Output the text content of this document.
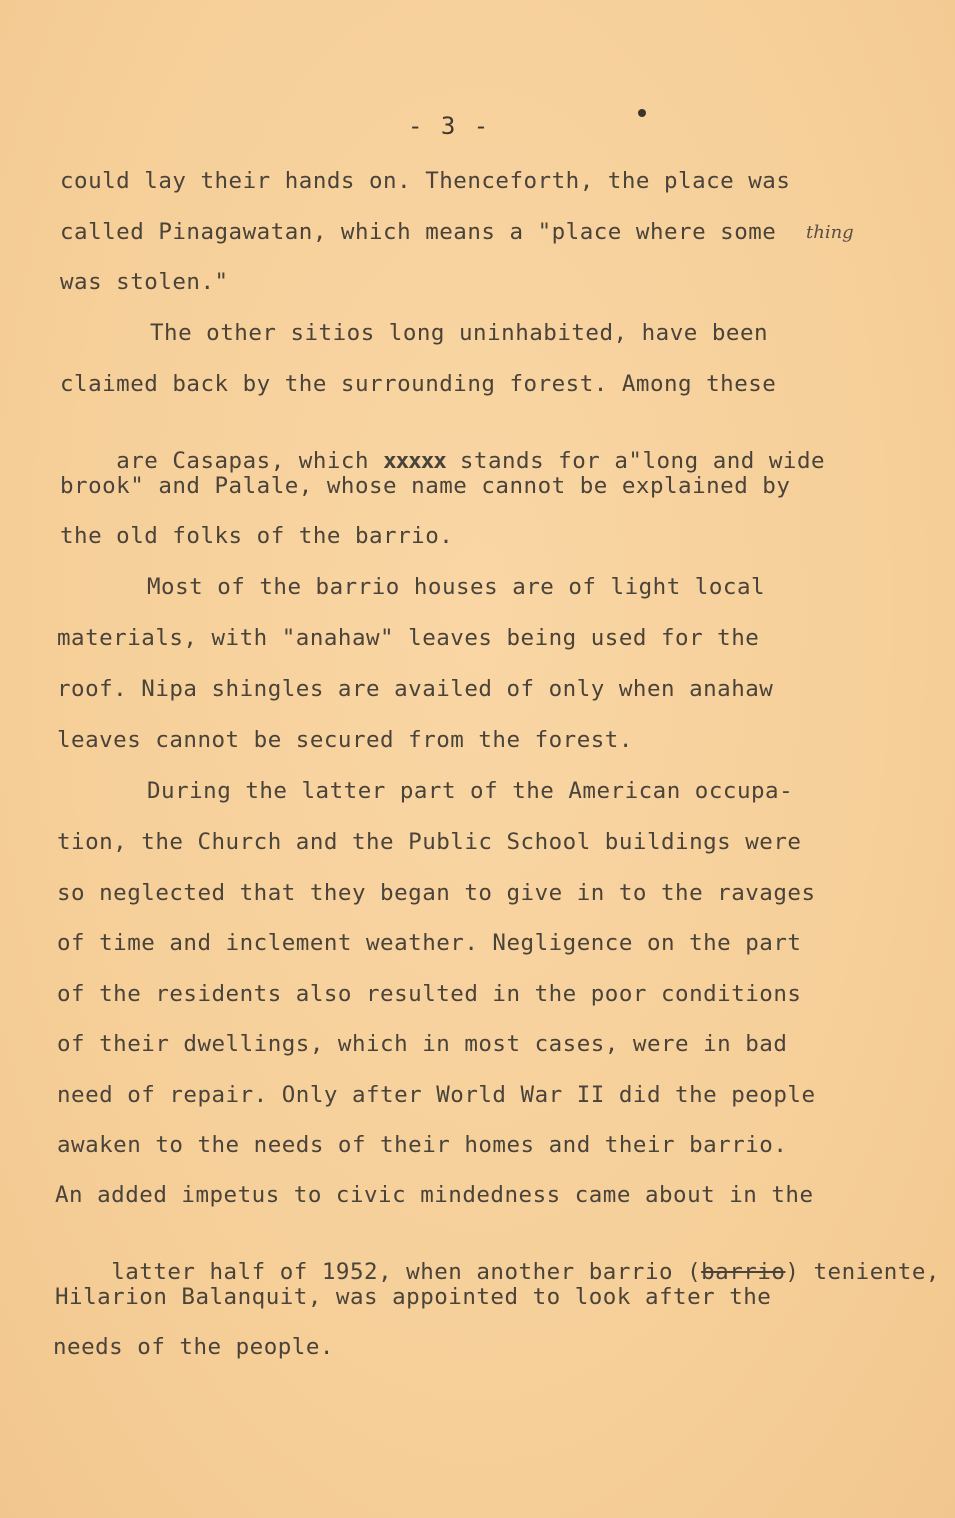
- 3 -
could lay their hands on. Thenceforth, the place was
called Pinagawatan, which means a "place where some thing
was stolen."
The other sitios long uninhabited, have been
claimed back by the surrounding forest. Among these

are Casapas, which xxxxx stands for a"long and wide

brook" and Palale, whose name cannot be explained by
the old folks of the barrio.
Most of the barrio houses are of light local
materials, with "anahaw" leaves being used for the
roof. Nipa shingles are availed of only when anahaw
leaves cannot be secured from the forest.
During the latter part of the American occupa-
tion, the Church and the Public School buildings were
so neglected that they began to give in to the ravages
of time and inclement weather. Negligence on the part
of the residents also resulted in the poor conditions
of their dwellings, which in most cases, were in bad
need of repair. Only after World War II did the people
awaken to the needs of their homes and their barrio.
An added impetus to civic mindedness came about in the

latter half of 1952, when another barrio (barrio) teniente,

Hilarion Balanquit, was appointed to look after the
needs of the people.
